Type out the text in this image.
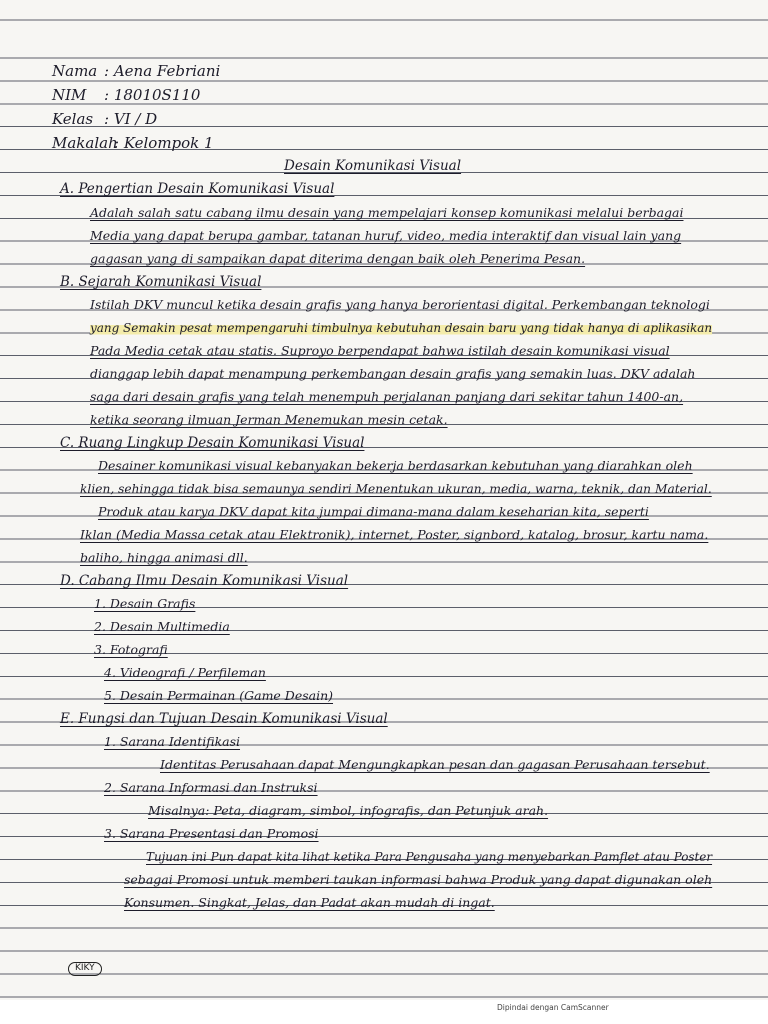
Nama : Aena Febriani
NIM : 18010S110
Kelas : VI / D
Makalah
: Kelompok 1
Desain Komunikasi Visual
A. Pengertian Desain Komunikasi Visual
Adalah salah satu cabang ilmu desain yang mempelajari konsep komunikasi melalui berbagai
Media yang dapat berupa gambar, tatanan huruf, video, media interaktif dan visual lain yang
gagasan yang di sampaikan dapat diterima dengan baik oleh Penerima Pesan.
B. Sejarah Komunikasi Visual
Istilah DKV muncul ketika desain grafis yang hanya berorientasi digital. Perkembangan teknologi
yang Semakin pesat mempengaruhi timbulnya kebutuhan desain baru yang tidak hanya di aplikasikan
Pada Media cetak atau statis. Suproyo berpendapat bahwa istilah desain komunikasi visual
dianggap lebih dapat menampung perkembangan desain grafis yang semakin luas. DKV adalah
saga dari desain grafis yang telah menempuh perjalanan panjang dari sekitar tahun 1400-an,
ketika seorang ilmuan Jerman Menemukan mesin cetak.
C. Ruang Lingkup Desain Komunikasi Visual
Desainer komunikasi visual kebanyakan bekerja berdasarkan kebutuhan yang diarahkan oleh
klien, sehingga tidak bisa semaunya sendiri Menentukan ukuran, media, warna, teknik, dan Material.
Produk atau karya DKV dapat kita jumpai dimana-mana dalam keseharian kita, seperti
Iklan (Media Massa cetak atau Elektronik), internet, Poster, signbord, katalog, brosur, kartu nama.
baliho, hingga animasi dll.
D. Cabang Ilmu Desain Komunikasi Visual
1. Desain Grafis
2. Desain Multimedia
3. Fotografi
4. Videografi / Perfileman
5. Desain Permainan (Game Desain)
E. Fungsi dan Tujuan Desain Komunikasi Visual
1. Sarana Identifikasi
Identitas Perusahaan dapat Mengungkapkan pesan dan gagasan Perusahaan tersebut.
2. Sarana Informasi dan Instruksi
Misalnya: Peta, diagram, simbol, infografis, dan Petunjuk arah.
3. Sarana Presentasi dan Promosi
Tujuan ini Pun dapat kita lihat ketika Para Pengusaha yang menyebarkan Pamflet atau Poster
sebagai Promosi untuk memberi taukan informasi bahwa Produk yang dapat digunakan oleh
Konsumen. Singkat, Jelas, dan Padat akan mudah di ingat.
KIKY
Dipindai dengan CamScanner
